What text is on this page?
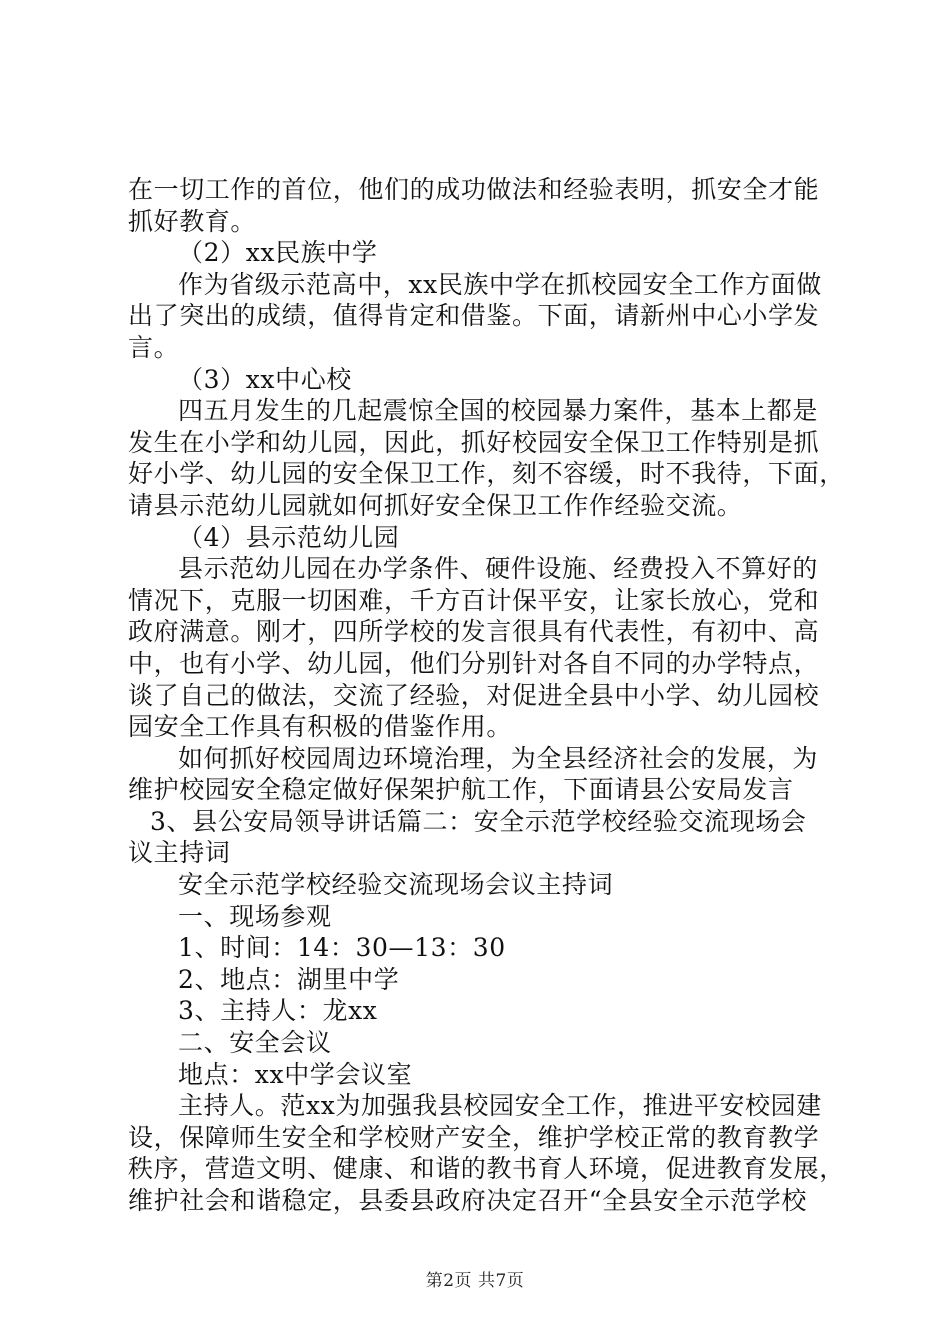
在一切工作的首位，他们的成功做法和经验表明，抓安全才能
抓好教育。
（2）xx民族中学
作为省级示范高中，xx民族中学在抓校园安全工作方面做
出了突出的成绩，值得肯定和借鉴。下面，请新州中心小学发
言。
（3）xx中心校
四五月发生的几起震惊全国的校园暴力案件，基本上都是
发生在小学和幼儿园，因此，抓好校园安全保卫工作特别是抓
好小学、幼儿园的安全保卫工作，刻不容缓，时不我待，下面，
请县示范幼儿园就如何抓好安全保卫工作作经验交流。
（4）县示范幼儿园
县示范幼儿园在办学条件、硬件设施、经费投入不算好的
情况下，克服一切困难，千方百计保平安，让家长放心，党和
政府满意。刚才，四所学校的发言很具有代表性，有初中、高
中，也有小学、幼儿园，他们分别针对各自不同的办学特点，
谈了自己的做法，交流了经验，对促进全县中小学、幼儿园校
园安全工作具有积极的借鉴作用。
如何抓好校园周边环境治理，为全县经济社会的发展，为
维护校园安全稳定做好保架护航工作，下面请县公安局发言
3、县公安局领导讲话篇二：安全示范学校经验交流现场会
议主持词
安全示范学校经验交流现场会议主持词
一、现场参观
1、时间：14：30—13：30
2、地点：湖里中学
3、主持人：龙xx
二、安全会议
地点：xx中学会议室
主持人。范xx为加强我县校园安全工作，推进平安校园建
设，保障师生安全和学校财产安全，维护学校正常的教育教学
秩序，营造文明、健康、和谐的教书育人环境，促进教育发展，
维护社会和谐稳定，县委县政府决定召开“全县安全示范学校
第2页 共7页
